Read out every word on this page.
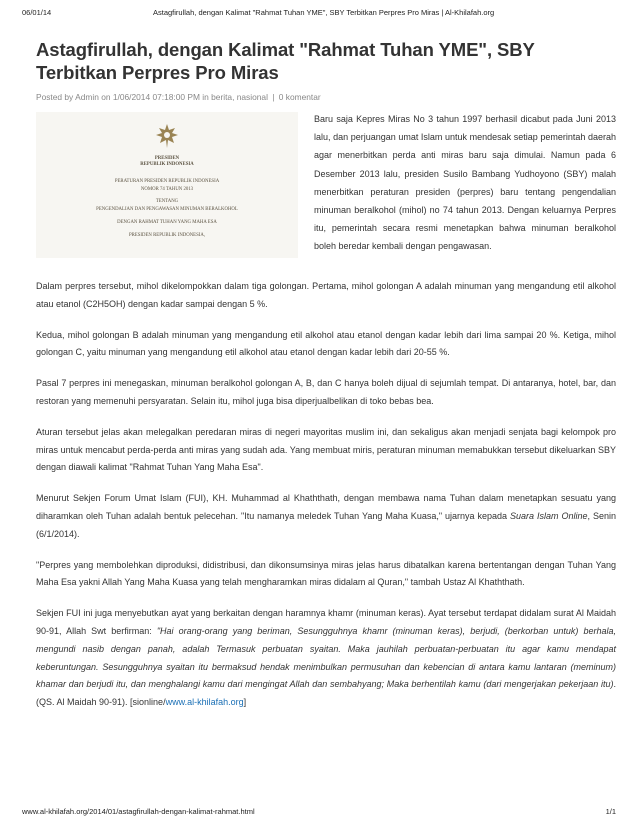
06/01/14	Astagfirullah, dengan Kalimat "Rahmat Tuhan YME", SBY Terbitkan Perpres Pro Miras | Al-Khilafah.org
Astagfirullah, dengan Kalimat "Rahmat Tuhan YME", SBY Terbitkan Perpres Pro Miras
Posted by Admin on 1/06/2014 07:18:00 PM in berita, nasional | 0 komentar
PRESIDEN
REPUBLIK INDONESIA
PERATURAN PRESIDEN REPUBLIK INDONESIA
NOMOR 74 TAHUN 2013
TENTANG
PENGENDALIAN DAN PENGAWASAN MINUMAN BERALKOHOL
DENGAN RAHMAT TUHAN YANG MAHA ESA
PRESIDEN REPUBLIK INDONESIA,

Baru saja Kepres Miras No 3 tahun 1997 berhasil dicabut pada Juni 2013 lalu, dan perjuangan umat Islam untuk mendesak setiap pemerintah daerah agar menerbitkan perda anti miras baru saja dimulai. Namun pada 6 Desember 2013 lalu, presiden Susilo Bambang Yudhoyono (SBY) malah menerbitkan peraturan presiden (perpres) baru tentang pengendalian minuman beralkohol (mihol) no 74 tahun 2013. Dengan keluarnya Perpres itu, pemerintah secara resmi menetapkan bahwa minuman beralkohol boleh beredar kembali dengan pengawasan.

Dalam perpres tersebut, mihol dikelompokkan dalam tiga golongan. Pertama, mihol golongan A adalah minuman yang mengandung etil alkohol atau etanol (C2H5OH) dengan kadar sampai dengan 5 %.

Kedua, mihol golongan B adalah minuman yang mengandung etil alkohol atau etanol dengan kadar lebih dari lima sampai 20 %. Ketiga, mihol golongan C, yaitu minuman yang mengandung etil alkohol atau etanol dengan kadar lebih dari 20-55 %.

Pasal 7 perpres ini menegaskan, minuman beralkohol golongan A, B, dan C hanya boleh dijual di sejumlah tempat. Di antaranya, hotel, bar, dan restoran yang memenuhi persyaratan. Selain itu, mihol juga bisa diperjualbelikan di toko bebas bea.

Aturan tersebut jelas akan melegalkan peredaran miras di negeri mayoritas muslim ini, dan sekaligus akan menjadi senjata bagi kelompok pro miras untuk mencabut perda-perda anti miras yang sudah ada. Yang membuat miris, peraturan minuman memabukkan tersebut dikeluarkan SBY dengan diawali kalimat "Rahmat Tuhan Yang Maha Esa".

Menurut Sekjen Forum Umat Islam (FUI), KH. Muhammad al Khaththath, dengan membawa nama Tuhan dalam menetapkan sesuatu yang diharamkan oleh Tuhan adalah bentuk pelecehan. "Itu namanya meledek Tuhan Yang Maha Kuasa," ujarnya kepada Suara Islam Online, Senin (6/1/2014).

"Perpres yang membolehkan diproduksi, didistribusi, dan dikonsumsinya miras jelas harus dibatalkan karena bertentangan dengan Tuhan Yang Maha Esa yakni Allah Yang Maha Kuasa yang telah mengharamkan miras didalam al Quran," tambah Ustaz Al Khaththath.

Sekjen FUI ini juga menyebutkan ayat yang berkaitan dengan haramnya khamr (minuman keras). Ayat tersebut terdapat didalam surat Al Maidah 90-91, Allah Swt berfirman: "Hai orang-orang yang beriman, Sesungguhnya khamr (minuman keras), berjudi, (berkorban untuk) berhala, mengundi nasib dengan panah, adalah Termasuk perbuatan syaitan. Maka jauhilah perbuatan-perbuatan itu agar kamu mendapat keberuntungan. Sesungguhnya syaitan itu bermaksud hendak menimbulkan permusuhan dan kebencian di antara kamu lantaran (meminum) khamar dan berjudi itu, dan menghalangi kamu dari mengingat Allah dan sembahyang; Maka berhentilah kamu (dari mengerjakan pekerjaan itu). (QS. Al Maidah 90-91). [sionline/www.al-khilafah.org]

www.al-khilafah.org/2014/01/astagfirullah-dengan-kalimat-rahmat.html	1/1
